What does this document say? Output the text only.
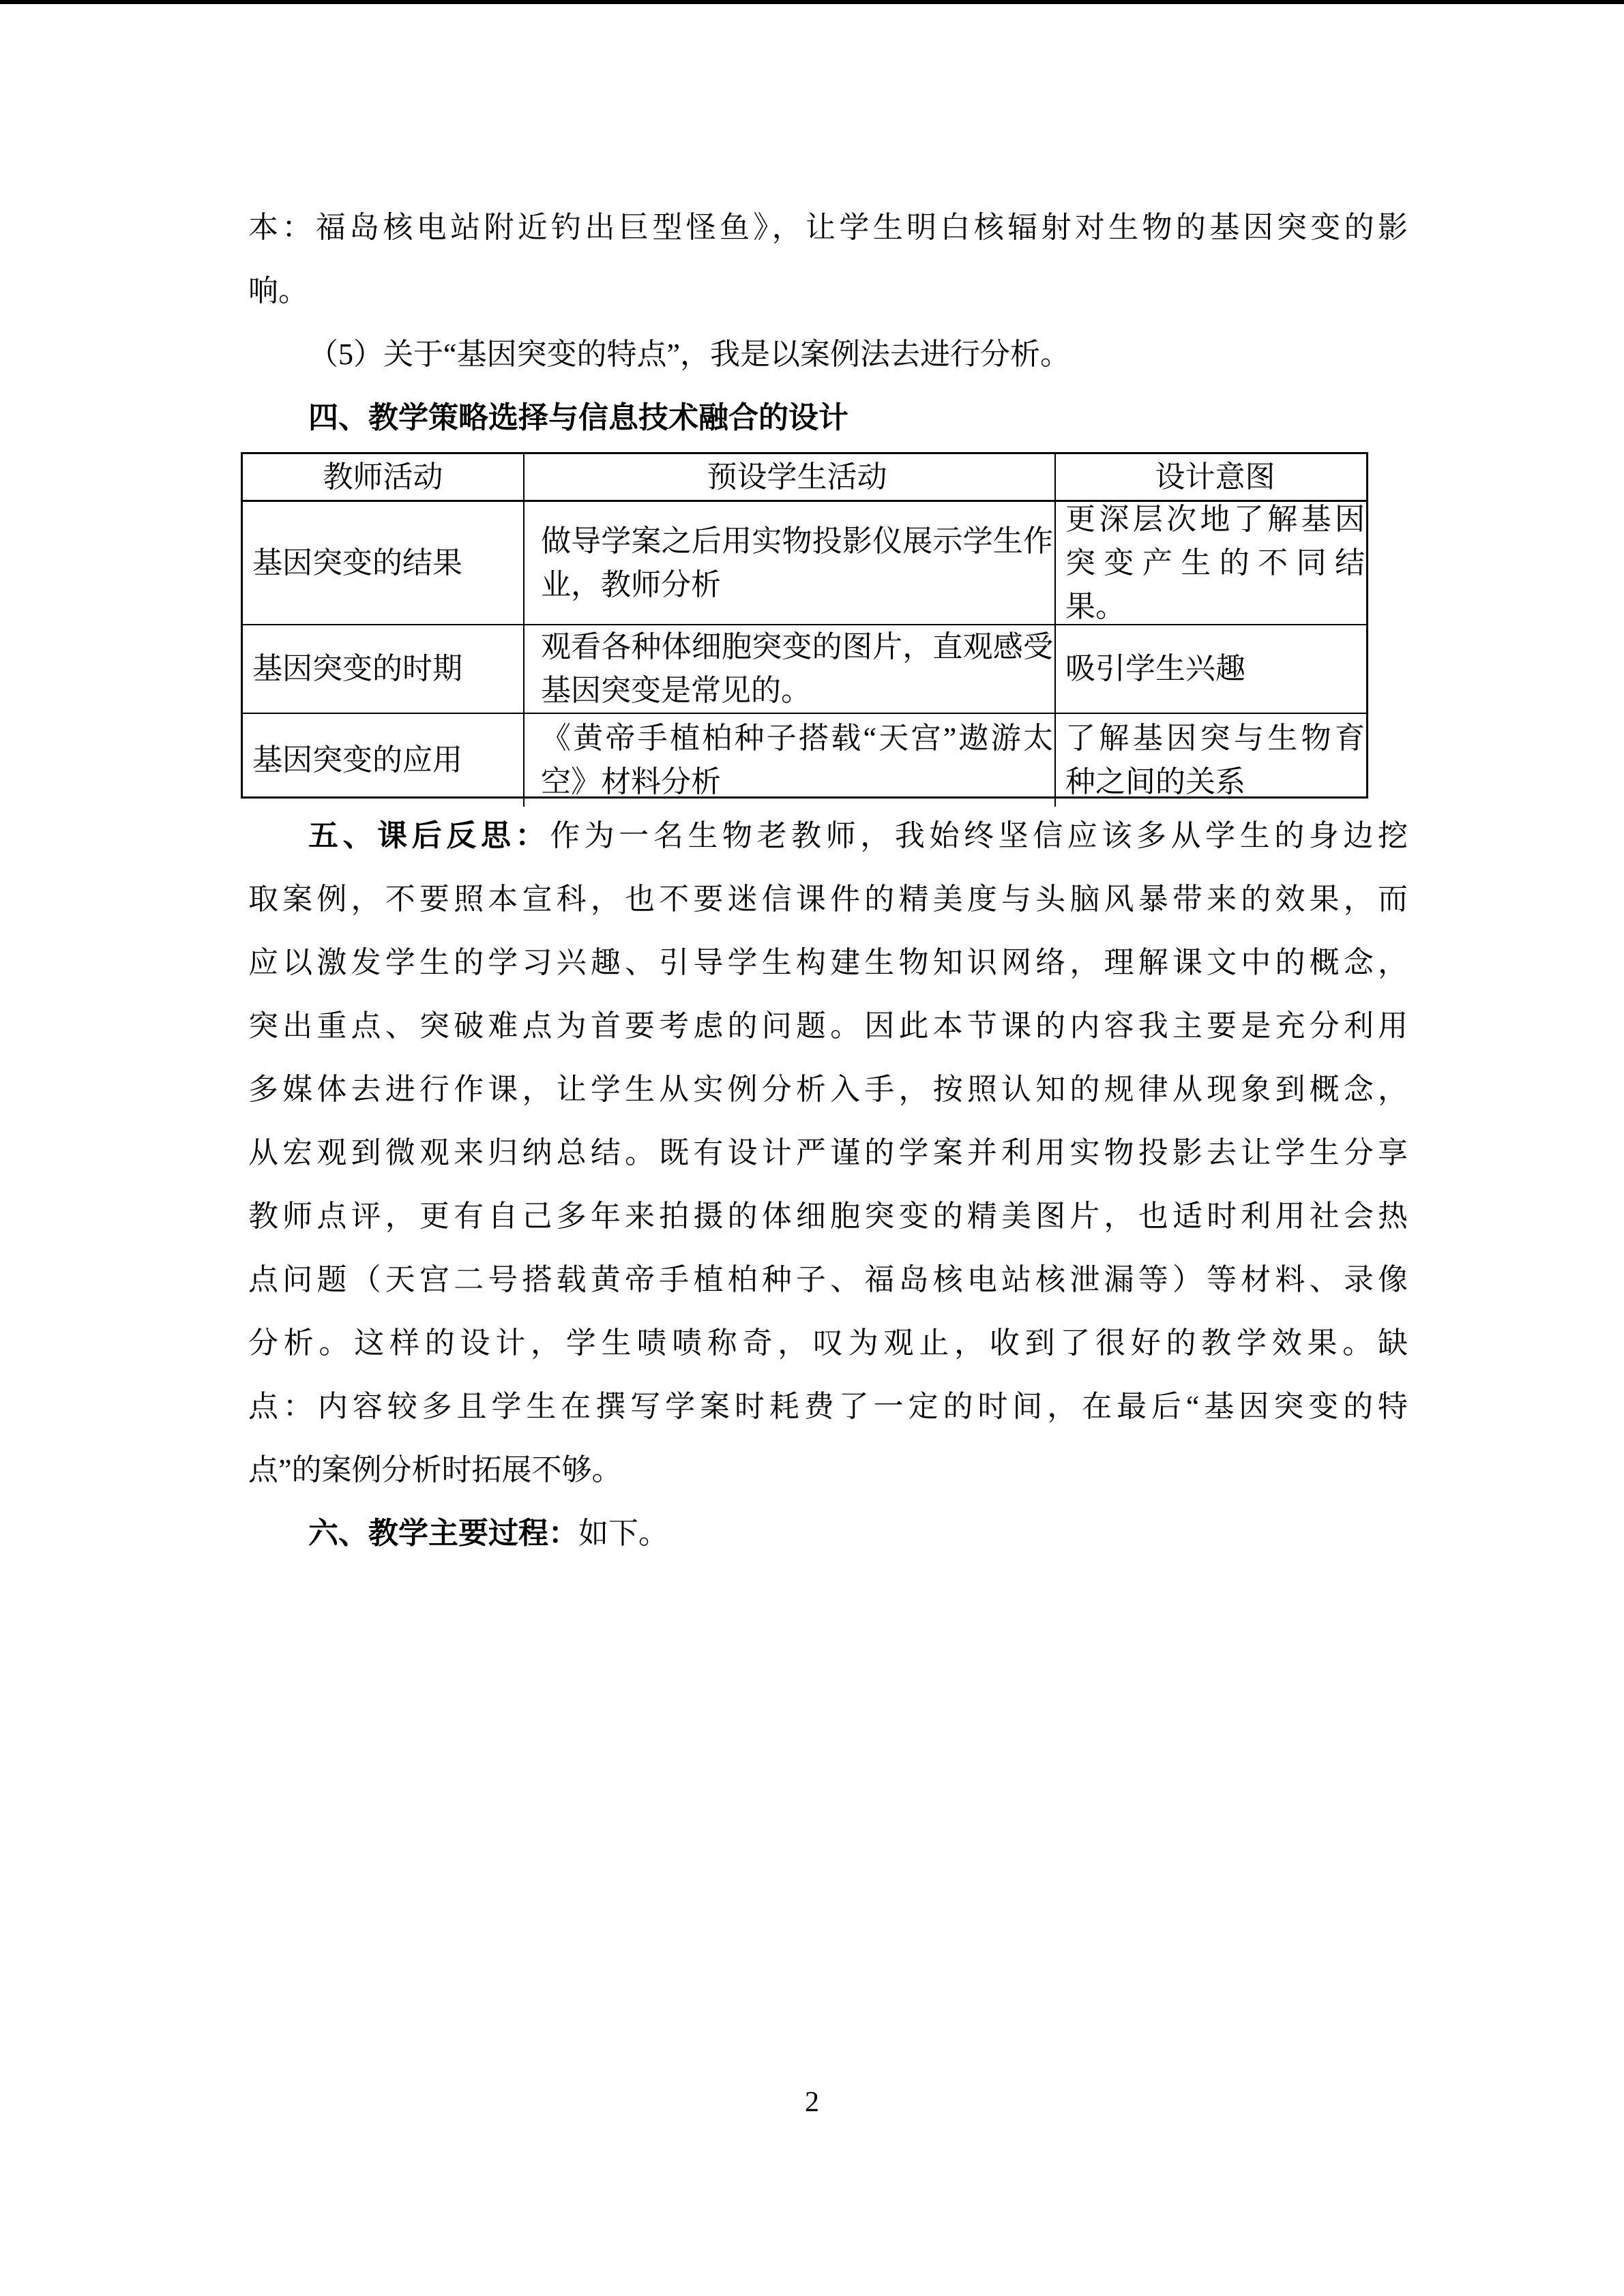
本：福岛核电站附近钓出巨型怪鱼》，让学生明白核辐射对生物的基因突变的影
响。
（5）关于“基因突变的特点”，我是以案例法去进行分析。
四、教学策略选择与信息技术融合的设计
教师活动	预设学生活动	设计意图
基因突变的结果
做导学案之后用实物投影仪展示学生作业，教师分析
更深层次地了解基因突变产生的不同结果。
基因突变的时期
观看各种体细胞突变的图片，直观感受基因突变是常见的。
吸引学生兴趣
基因突变的应用
《黄帝手植柏种子搭载“天宫”遨游太空》材料分析
了解基因突与生物育种之间的关系
五、课后反思：作为一名生物老教师，我始终坚信应该多从学生的身边挖
取案例，不要照本宣科，也不要迷信课件的精美度与头脑风暴带来的效果，而
应以激发学生的学习兴趣、引导学生构建生物知识网络，理解课文中的概念，
突出重点、突破难点为首要考虑的问题。因此本节课的内容我主要是充分利用
多媒体去进行作课，让学生从实例分析入手，按照认知的规律从现象到概念，
从宏观到微观来归纳总结。既有设计严谨的学案并利用实物投影去让学生分享
教师点评，更有自己多年来拍摄的体细胞突变的精美图片，也适时利用社会热
点问题（天宫二号搭载黄帝手植柏种子、福岛核电站核泄漏等）等材料、录像
分析。这样的设计，学生啧啧称奇，叹为观止，收到了很好的教学效果。缺
点：内容较多且学生在撰写学案时耗费了一定的时间，在最后“基因突变的特
点”的案例分析时拓展不够。
六、教学主要过程：如下。
2
